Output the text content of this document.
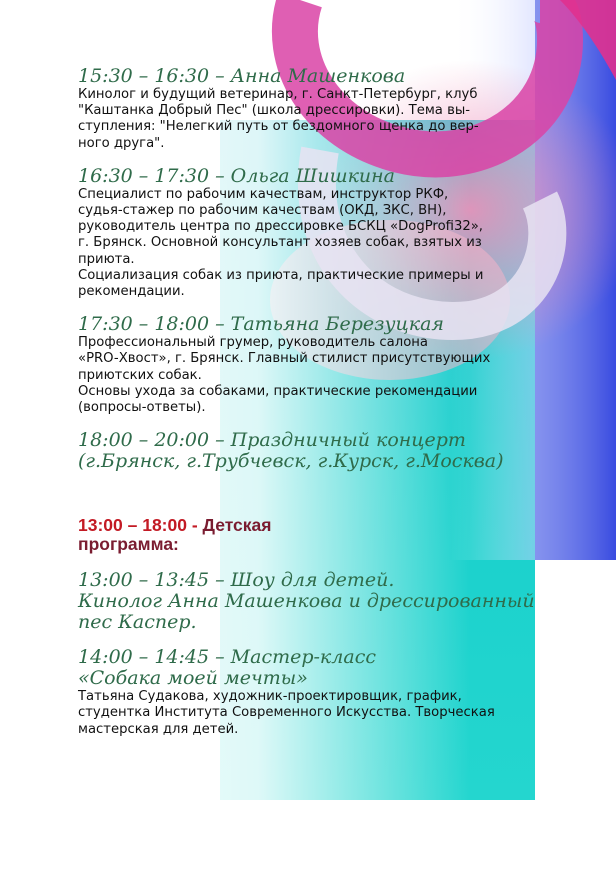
15:30 – 16:30 – Анна Машенкова

Кинолог и будущий ветеринар, г. Санкт-Петербург, клуб
"Каштанка Добрый Пес" (школа дрессировки). Тема вы-
ступления: "Нелегкий путь от бездомного щенка до вер-
ного друга".

16:30 – 17:30 – Ольга Шишкина

Специалист по рабочим качествам, инструктор РКФ,
судья-стажер по рабочим качествам (ОКД, ЗКС, ВН),
руководитель центра по дрессировке БСКЦ «DogProfi32»,
г. Брянск. Основной консультант хозяев собак, взятых из
приюта.
Социализация собак из приюта, практические примеры и
рекомендации.

17:30 – 18:00 – Татьяна Березуцкая

Профессиональный грумер, руководитель салона
«PRO-Хвост», г. Брянск. Главный стилист присутствующих
приютских собак.
Основы ухода за собаками, практические рекомендации
(вопросы-ответы).

18:00 – 20:00 – Праздничный концерт
(г.Брянск, г.Трубчевск, г.Курск, г.Москва)

13:00 – 18:00 - Детская
программа:

13:00 – 13:45 – Шоу для детей.
Кинолог Анна Машенкова и дрессированный
пес Каспер.

14:00 – 14:45 – Мастер-класс
«Собака моей мечты»

Татьяна Судакова, художник-проектировщик, график,
студентка Института Современного Искусства. Творческая
мастерская для детей.
